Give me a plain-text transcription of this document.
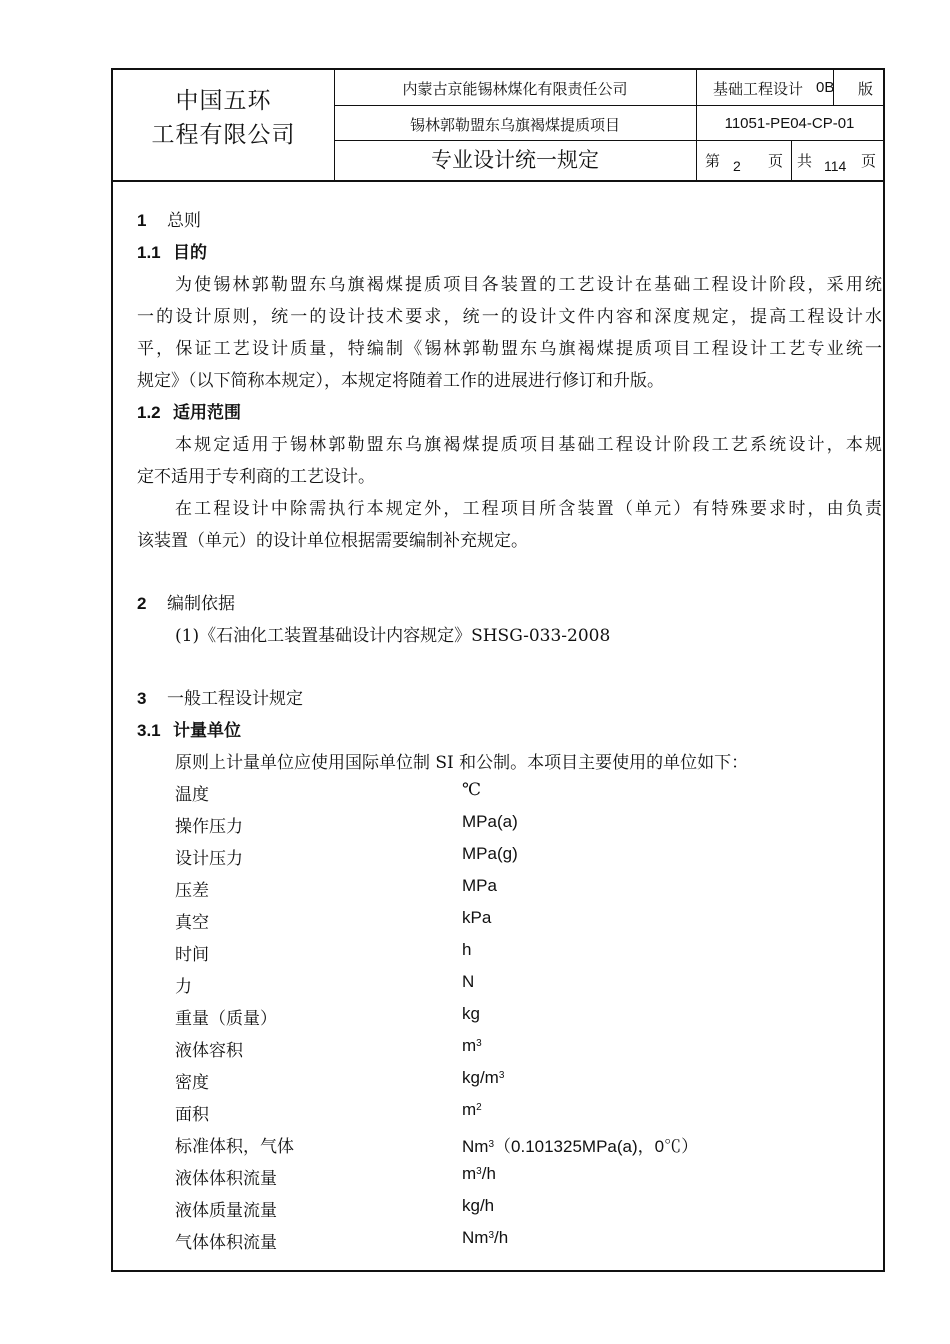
中国五环
工程有限公司
内蒙古京能锡林煤化有限责任公司
锡林郭勒盟东乌旗褐煤提质项目
专业设计统一规定
基础工程设计 0B 版
11051-PE04-CP-01
第 2 页 共 114 页
1 总则
1.1 目的
为使锡林郭勒盟东乌旗褐煤提质项目各装置的工艺设计在基础工程设计阶段，采用统
一的设计原则，统一的设计技术要求，统一的设计文件内容和深度规定，提高工程设计水
平，保证工艺设计质量，特编制《锡林郭勒盟东乌旗褐煤提质项目工程设计工艺专业统一
规定》（以下简称本规定），本规定将随着工作的进展进行修订和升版。
1.2 适用范围
本规定适用于锡林郭勒盟东乌旗褐煤提质项目基础工程设计阶段工艺系统设计，本规
定不适用于专利商的工艺设计。
在工程设计中除需执行本规定外，工程项目所含装置（单元）有特殊要求时，由负责
该装置（单元）的设计单位根据需要编制补充规定。
2 编制依据
(1)《石油化工装置基础设计内容规定》SHSG-033-2008
3 一般工程设计规定
3.1 计量单位
原则上计量单位应使用国际单位制 SI 和公制。本项目主要使用的单位如下：
温度	℃
操作压力	MPa(a)
设计压力	MPa(g)
压差	MPa
真空	kPa
时间	h
力	N
重量（质量）	kg
液体容积	$m^3$
密度	$kg/m^3$
面积	$m^2$
标准体积，气体	Nm$^3$（0.101325MPa(a)，0℃）
液体体积流量	$m^3/h$
液体质量流量	kg/h
气体体积流量	Nm$^3$/h
